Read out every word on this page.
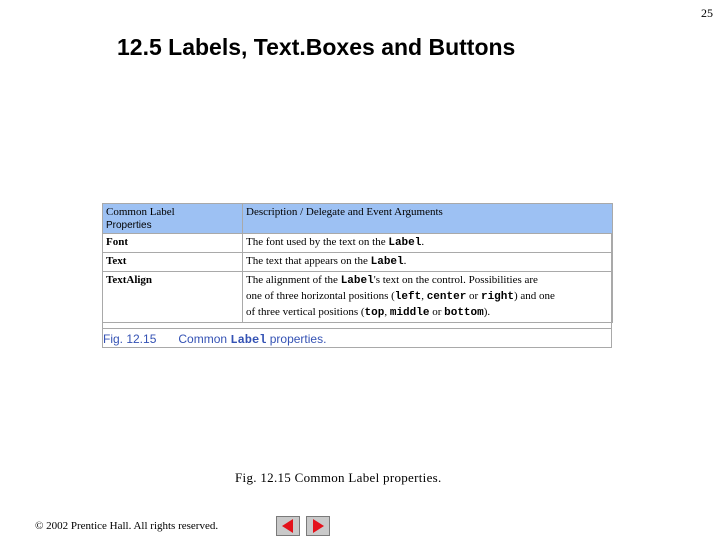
25
12.5 Labels, Text.Boxes and Buttons
Common Label
Properties	Description / Delegate and Event Arguments
Font	The font used by the text on the Label.
Text	The text that appears on the Label.
TextAlign	The alignment of the Label's text on the control. Possibilities are
one of three horizontal positions (left, center or right) and one
of three vertical positions (top, middle or bottom).
Fig. 12.15 Common Label properties.
Fig. 12.15 Common Label properties.
© 2002 Prentice Hall. All rights reserved.
